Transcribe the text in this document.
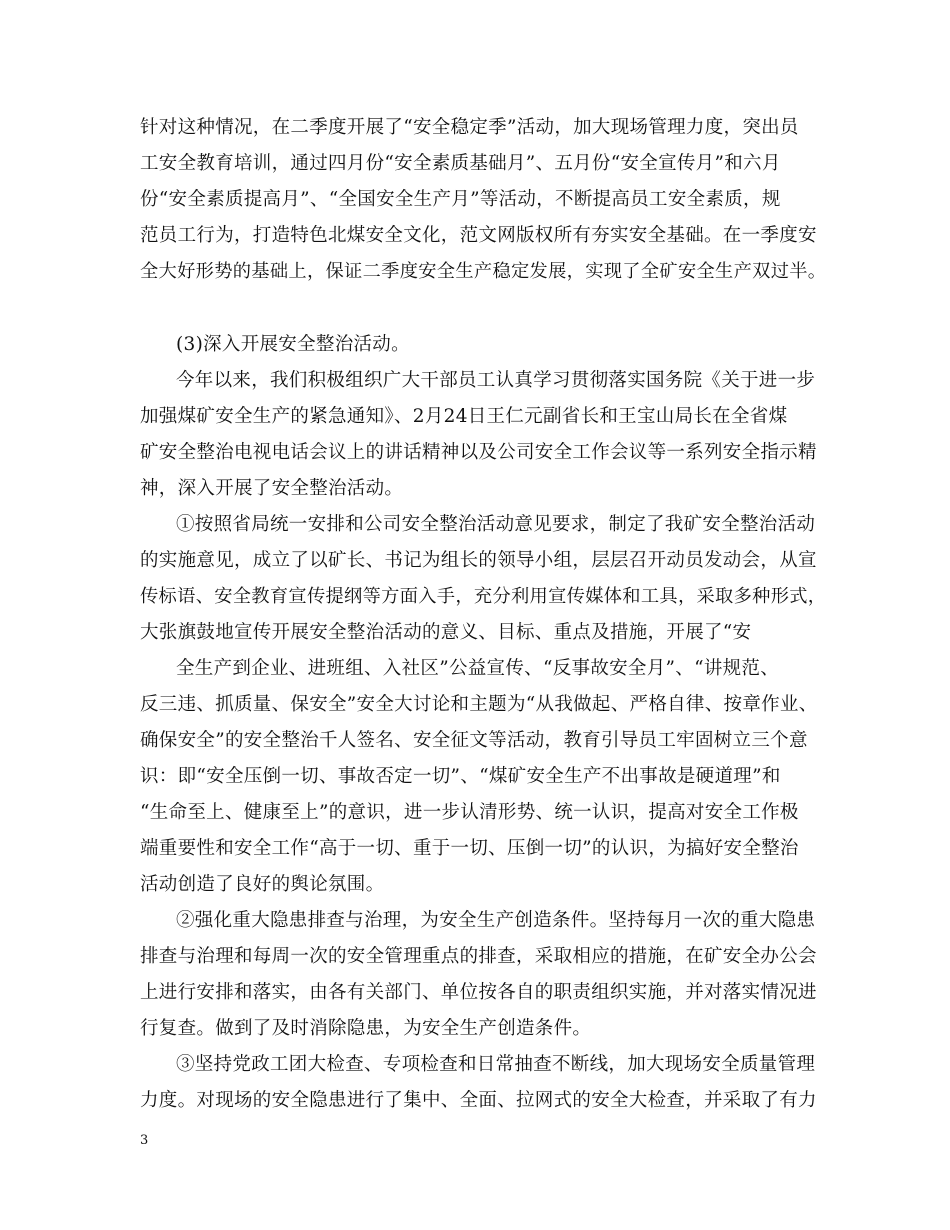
针对这种情况，在二季度开展了“安全稳定季”活动，加大现场管理力度，突出员
工安全教育培训，通过四月份“安全素质基础月”、五月份“安全宣传月”和六月
份“安全素质提高月”、“全国安全生产月”等活动，不断提高员工安全素质，规
范员工行为，打造特色北煤安全文化，范文网版权所有夯实安全基础。在一季度安
全大好形势的基础上，保证二季度安全生产稳定发展，实现了全矿安全生产双过半。
(3)深入开展安全整治活动。
今年以来，我们积极组织广大干部员工认真学习贯彻落实国务院《关于进一步
加强煤矿安全生产的紧急通知》、2月24日王仁元副省长和王宝山局长在全省煤
矿安全整治电视电话会议上的讲话精神以及公司安全工作会议等一系列安全指示精
神，深入开展了安全整治活动。
①按照省局统一安排和公司安全整治活动意见要求，制定了我矿安全整治活动
的实施意见，成立了以矿长、书记为组长的领导小组，层层召开动员发动会，从宣
传标语、安全教育宣传提纲等方面入手，充分利用宣传媒体和工具，采取多种形式，
大张旗鼓地宣传开展安全整治活动的意义、目标、重点及措施，开展了“安
全生产到企业、进班组、入社区”公益宣传、“反事故安全月”、“讲规范、
反三违、抓质量、保安全”安全大讨论和主题为“从我做起、严格自律、按章作业、
确保安全”的安全整治千人签名、安全征文等活动，教育引导员工牢固树立三个意
识：即“安全压倒一切、事故否定一切”、“煤矿安全生产不出事故是硬道理”和
“生命至上、健康至上”的意识，进一步认清形势、统一认识，提高对安全工作极
端重要性和安全工作“高于一切、重于一切、压倒一切”的认识，为搞好安全整治
活动创造了良好的舆论氛围。
②强化重大隐患排查与治理，为安全生产创造条件。坚持每月一次的重大隐患
排查与治理和每周一次的安全管理重点的排查，采取相应的措施，在矿安全办公会
上进行安排和落实，由各有关部门、单位按各自的职责组织实施，并对落实情况进
行复查。做到了及时消除隐患，为安全生产创造条件。
③坚持党政工团大检查、专项检查和日常抽查不断线，加大现场安全质量管理
力度。对现场的安全隐患进行了集中、全面、拉网式的安全大检查，并采取了有力
3
